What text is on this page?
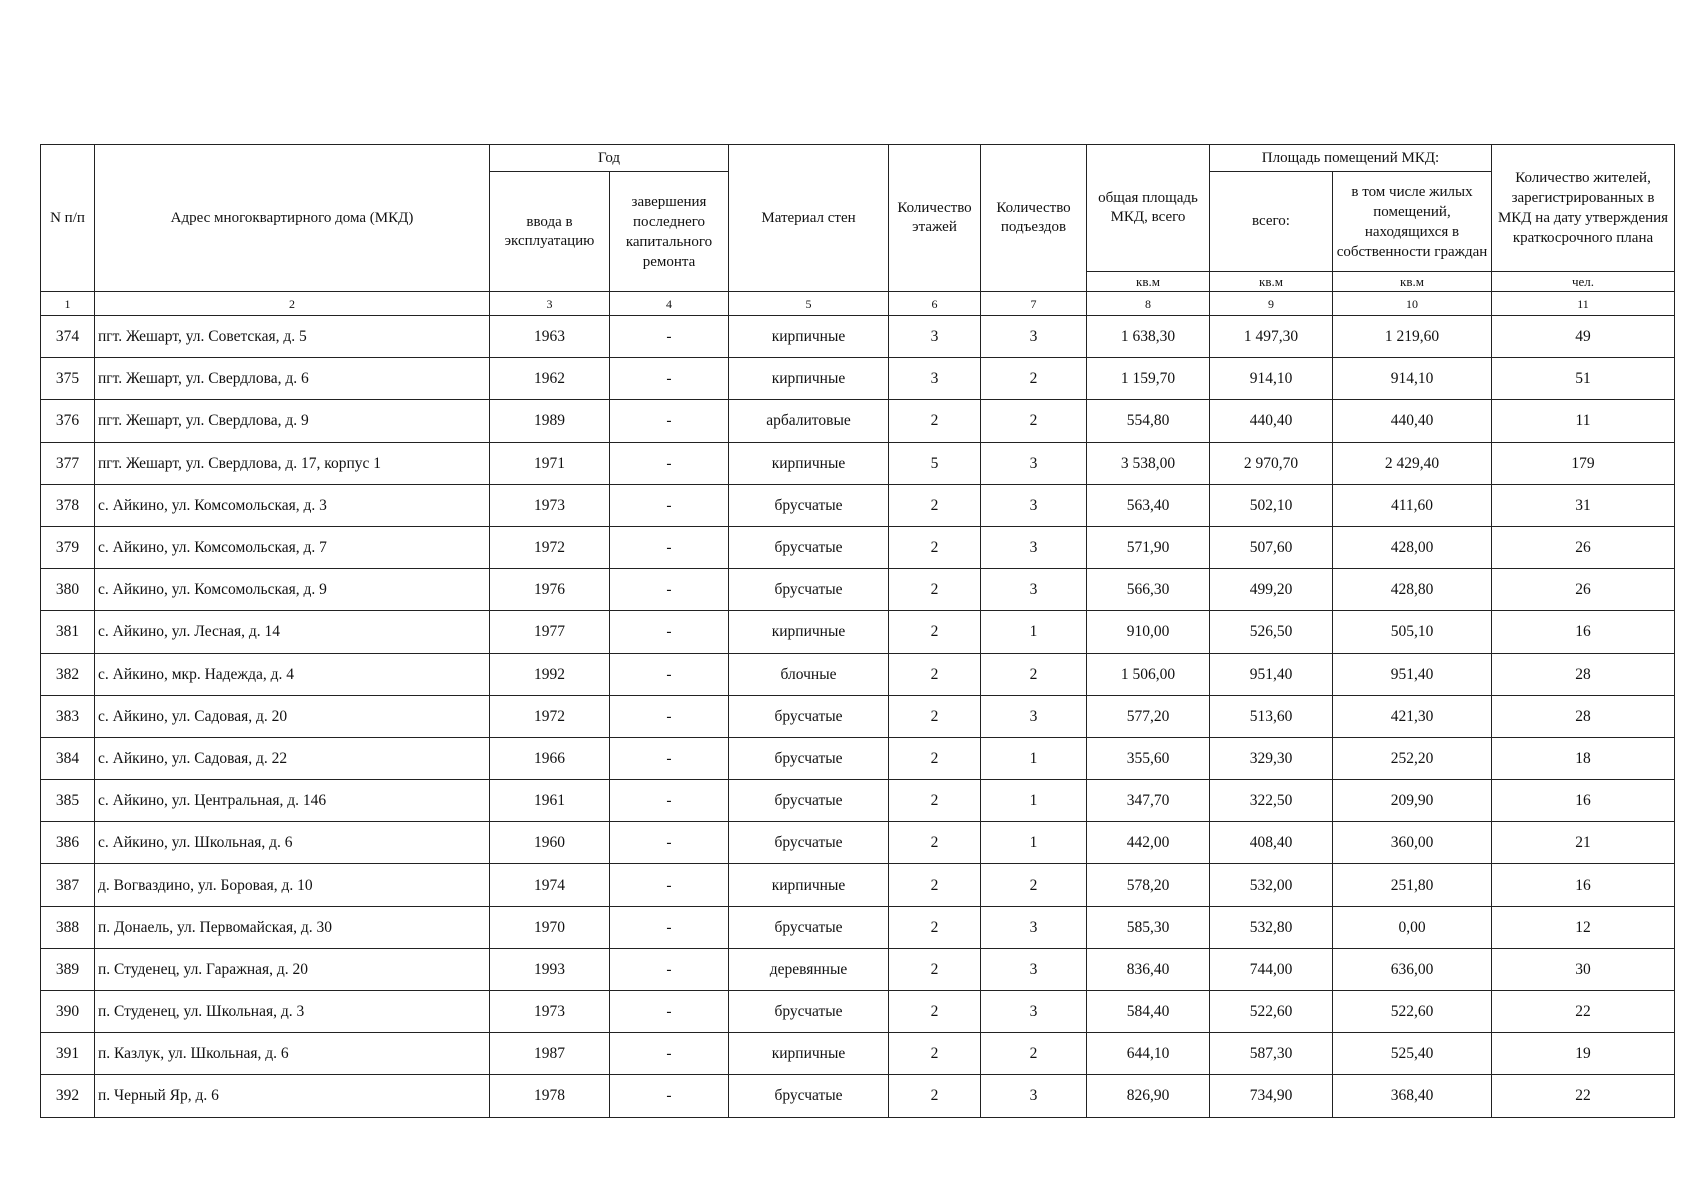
N п/п	Адрес многоквартирного дома (МКД)	Год		Материал стен	Количество этажей	Количество подъездов	общая площадь МКД, всего	Площадь помещений МКД:		Количество жителей, зарегистрированных в МКД на дату утверждения краткосрочного плана
		ввода в эксплуатацию	завершения последнего капитального ремонта					всего:	в том числе жилых помещений, находящихся в собственности граждан	
							кв.м	кв.м	кв.м	чел.
1	2	3	4	5	6	7	8	9	10	11
374	пгт. Жешарт, ул. Советская, д. 5	1963	-	кирпичные	3	3	1 638,30	1 497,30	1 219,60	49
375	пгт. Жешарт, ул. Свердлова, д. 6	1962	-	кирпичные	3	2	1 159,70	914,10	914,10	51
376	пгт. Жешарт, ул. Свердлова, д. 9	1989	-	арбалитовые	2	2	554,80	440,40	440,40	11
377	пгт. Жешарт, ул. Свердлова, д. 17, корпус 1	1971	-	кирпичные	5	3	3 538,00	2 970,70	2 429,40	179
378	с. Айкино, ул. Комсомольская, д. 3	1973	-	брусчатые	2	3	563,40	502,10	411,60	31
379	с. Айкино, ул. Комсомольская, д. 7	1972	-	брусчатые	2	3	571,90	507,60	428,00	26
380	с. Айкино, ул. Комсомольская, д. 9	1976	-	брусчатые	2	3	566,30	499,20	428,80	26
381	с. Айкино, ул. Лесная, д. 14	1977	-	кирпичные	2	1	910,00	526,50	505,10	16
382	с. Айкино, мкр. Надежда, д. 4	1992	-	блочные	2	2	1 506,00	951,40	951,40	28
383	с. Айкино, ул. Садовая, д. 20	1972	-	брусчатые	2	3	577,20	513,60	421,30	28
384	с. Айкино, ул. Садовая, д. 22	1966	-	брусчатые	2	1	355,60	329,30	252,20	18
385	с. Айкино, ул. Центральная, д. 146	1961	-	брусчатые	2	1	347,70	322,50	209,90	16
386	с. Айкино, ул. Школьная, д. 6	1960	-	брусчатые	2	1	442,00	408,40	360,00	21
387	д. Вогваздино, ул. Боровая, д. 10	1974	-	кирпичные	2	2	578,20	532,00	251,80	16
388	п. Донаель, ул. Первомайская, д. 30	1970	-	брусчатые	2	3	585,30	532,80	0,00	12
389	п. Студенец, ул. Гаражная, д. 20	1993	-	деревянные	2	3	836,40	744,00	636,00	30
390	п. Студенец, ул. Школьная, д. 3	1973	-	брусчатые	2	3	584,40	522,60	522,60	22
391	п. Казлук, ул. Школьная, д. 6	1987	-	кирпичные	2	2	644,10	587,30	525,40	19
392	п. Черный Яр, д. 6	1978	-	брусчатые	2	3	826,90	734,90	368,40	22
